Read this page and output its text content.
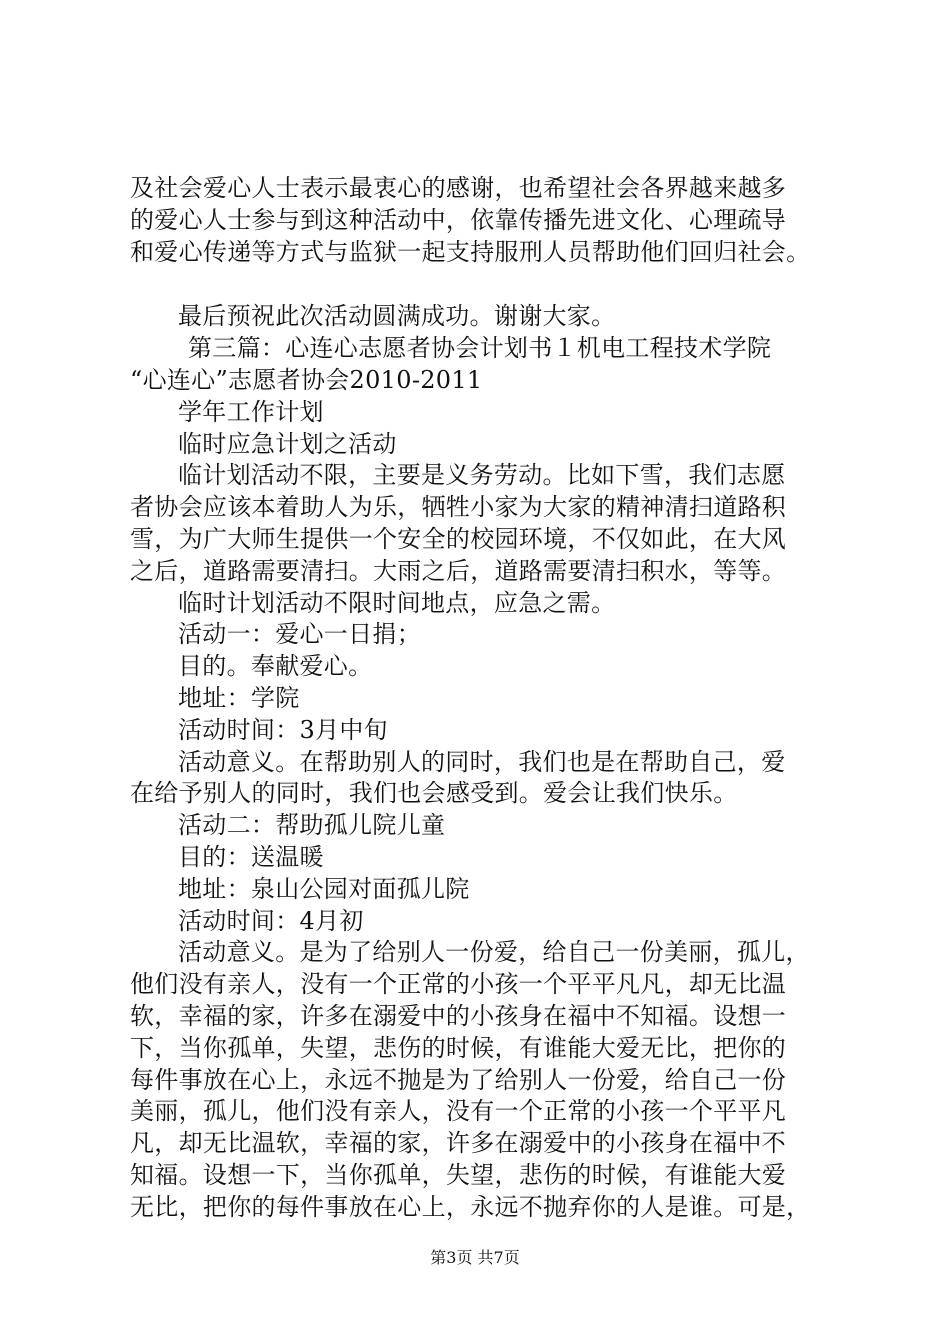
及社会爱心人士表示最衷心的感谢，也希望社会各界越来越多
的爱心人士参与到这种活动中，依靠传播先进文化、心理疏导
和爱心传递等方式与监狱一起支持服刑人员帮助他们回归社会。
最后预祝此次活动圆满成功。谢谢大家。
第三篇：心连心志愿者协会计划书１机电工程技术学院
“心连心”志愿者协会2010-2011
学年工作计划
临时应急计划之活动
临计划活动不限，主要是义务劳动。比如下雪，我们志愿
者协会应该本着助人为乐，牺牲小家为大家的精神清扫道路积
雪，为广大师生提供一个安全的校园环境，不仅如此，在大风
之后，道路需要清扫。大雨之后，道路需要清扫积水，等等。
临时计划活动不限时间地点，应急之需。
活动一：爱心一日捐；
目的。奉献爱心。
地址：学院
活动时间：3月中旬
活动意义。在帮助别人的同时，我们也是在帮助自己，爱
在给予别人的同时，我们也会感受到。爱会让我们快乐。
活动二：帮助孤儿院儿童
目的：送温暖
地址：泉山公园对面孤儿院
活动时间：4月初
活动意义。是为了给别人一份爱，给自己一份美丽，孤儿，
他们没有亲人，没有一个正常的小孩一个平平凡凡，却无比温
软，幸福的家，许多在溺爱中的小孩身在福中不知福。设想一
下，当你孤单，失望，悲伤的时候，有谁能大爱无比，把你的
每件事放在心上，永远不抛是为了给别人一份爱，给自己一份
美丽，孤儿，他们没有亲人，没有一个正常的小孩一个平平凡
凡，却无比温软，幸福的家，许多在溺爱中的小孩身在福中不
知福。设想一下，当你孤单，失望，悲伤的时候，有谁能大爱
无比，把你的每件事放在心上，永远不抛弃你的人是谁。可是，
第3页 共7页
